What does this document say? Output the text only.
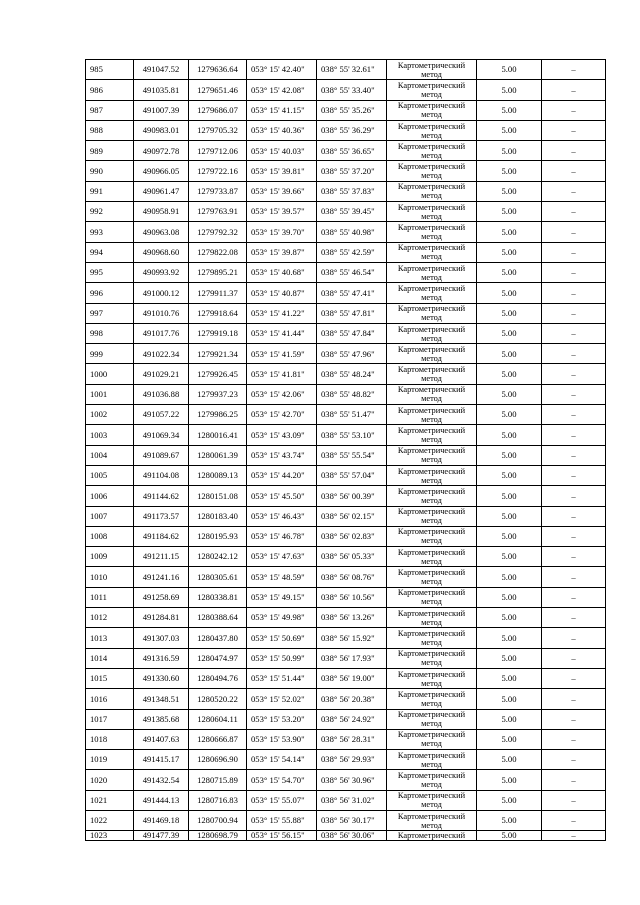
985	491047.52	1279636.64	053° 15' 42.40"	038° 55' 32.61"	Картометрический метод	5.00	–
986	491035.81	1279651.46	053° 15' 42.08"	038° 55' 33.40"	Картометрический метод	5.00	–
987	491007.39	1279686.07	053° 15' 41.15"	038° 55' 35.26"	Картометрический метод	5.00	–
988	490983.01	1279705.32	053° 15' 40.36"	038° 55' 36.29"	Картометрический метод	5.00	–
989	490972.78	1279712.06	053° 15' 40.03"	038° 55' 36.65"	Картометрический метод	5.00	–
990	490966.05	1279722.16	053° 15' 39.81"	038° 55' 37.20"	Картометрический метод	5.00	–
991	490961.47	1279733.87	053° 15' 39.66"	038° 55' 37.83"	Картометрический метод	5.00	–
992	490958.91	1279763.91	053° 15' 39.57"	038° 55' 39.45"	Картометрический метод	5.00	–
993	490963.08	1279792.32	053° 15' 39.70"	038° 55' 40.98"	Картометрический метод	5.00	–
994	490968.60	1279822.08	053° 15' 39.87"	038° 55' 42.59"	Картометрический метод	5.00	–
995	490993.92	1279895.21	053° 15' 40.68"	038° 55' 46.54"	Картометрический метод	5.00	–
996	491000.12	1279911.37	053° 15' 40.87"	038° 55' 47.41"	Картометрический метод	5.00	–
997	491010.76	1279918.64	053° 15' 41.22"	038° 55' 47.81"	Картометрический метод	5.00	–
998	491017.76	1279919.18	053° 15' 41.44"	038° 55' 47.84"	Картометрический метод	5.00	–
999	491022.34	1279921.34	053° 15' 41.59"	038° 55' 47.96"	Картометрический метод	5.00	–
1000	491029.21	1279926.45	053° 15' 41.81"	038° 55' 48.24"	Картометрический метод	5.00	–
1001	491036.88	1279937.23	053° 15' 42.06"	038° 55' 48.82"	Картометрический метод	5.00	–
1002	491057.22	1279986.25	053° 15' 42.70"	038° 55' 51.47"	Картометрический метод	5.00	–
1003	491069.34	1280016.41	053° 15' 43.09"	038° 55' 53.10"	Картометрический метод	5.00	–
1004	491089.67	1280061.39	053° 15' 43.74"	038° 55' 55.54"	Картометрический метод	5.00	–
1005	491104.08	1280089.13	053° 15' 44.20"	038° 55' 57.04"	Картометрический метод	5.00	–
1006	491144.62	1280151.08	053° 15' 45.50"	038° 56' 00.39"	Картометрический метод	5.00	–
1007	491173.57	1280183.40	053° 15' 46.43"	038° 56' 02.15"	Картометрический метод	5.00	–
1008	491184.62	1280195.93	053° 15' 46.78"	038° 56' 02.83"	Картометрический метод	5.00	–
1009	491211.15	1280242.12	053° 15' 47.63"	038° 56' 05.33"	Картометрический метод	5.00	–
1010	491241.16	1280305.61	053° 15' 48.59"	038° 56' 08.76"	Картометрический метод	5.00	–
1011	491258.69	1280338.81	053° 15' 49.15"	038° 56' 10.56"	Картометрический метод	5.00	–
1012	491284.81	1280388.64	053° 15' 49.98"	038° 56' 13.26"	Картометрический метод	5.00	–
1013	491307.03	1280437.80	053° 15' 50.69"	038° 56' 15.92"	Картометрический метод	5.00	–
1014	491316.59	1280474.97	053° 15' 50.99"	038° 56' 17.93"	Картометрический метод	5.00	–
1015	491330.60	1280494.76	053° 15' 51.44"	038° 56' 19.00"	Картометрический метод	5.00	–
1016	491348.51	1280520.22	053° 15' 52.02"	038° 56' 20.38"	Картометрический метод	5.00	–
1017	491385.68	1280604.11	053° 15' 53.20"	038° 56' 24.92"	Картометрический метод	5.00	–
1018	491407.63	1280666.87	053° 15' 53.90"	038° 56' 28.31"	Картометрический метод	5.00	–
1019	491415.17	1280696.90	053° 15' 54.14"	038° 56' 29.93"	Картометрический метод	5.00	–
1020	491432.54	1280715.89	053° 15' 54.70"	038° 56' 30.96"	Картометрический метод	5.00	–
1021	491444.13	1280716.83	053° 15' 55.07"	038° 56' 31.02"	Картометрический метод	5.00	–
1022	491469.18	1280700.94	053° 15' 55.88"	038° 56' 30.17"	Картометрический метод	5.00	–
1023	491477.39	1280698.79	053° 15' 56.15"	038° 56' 30.06"	Картометрический	5.00	–
